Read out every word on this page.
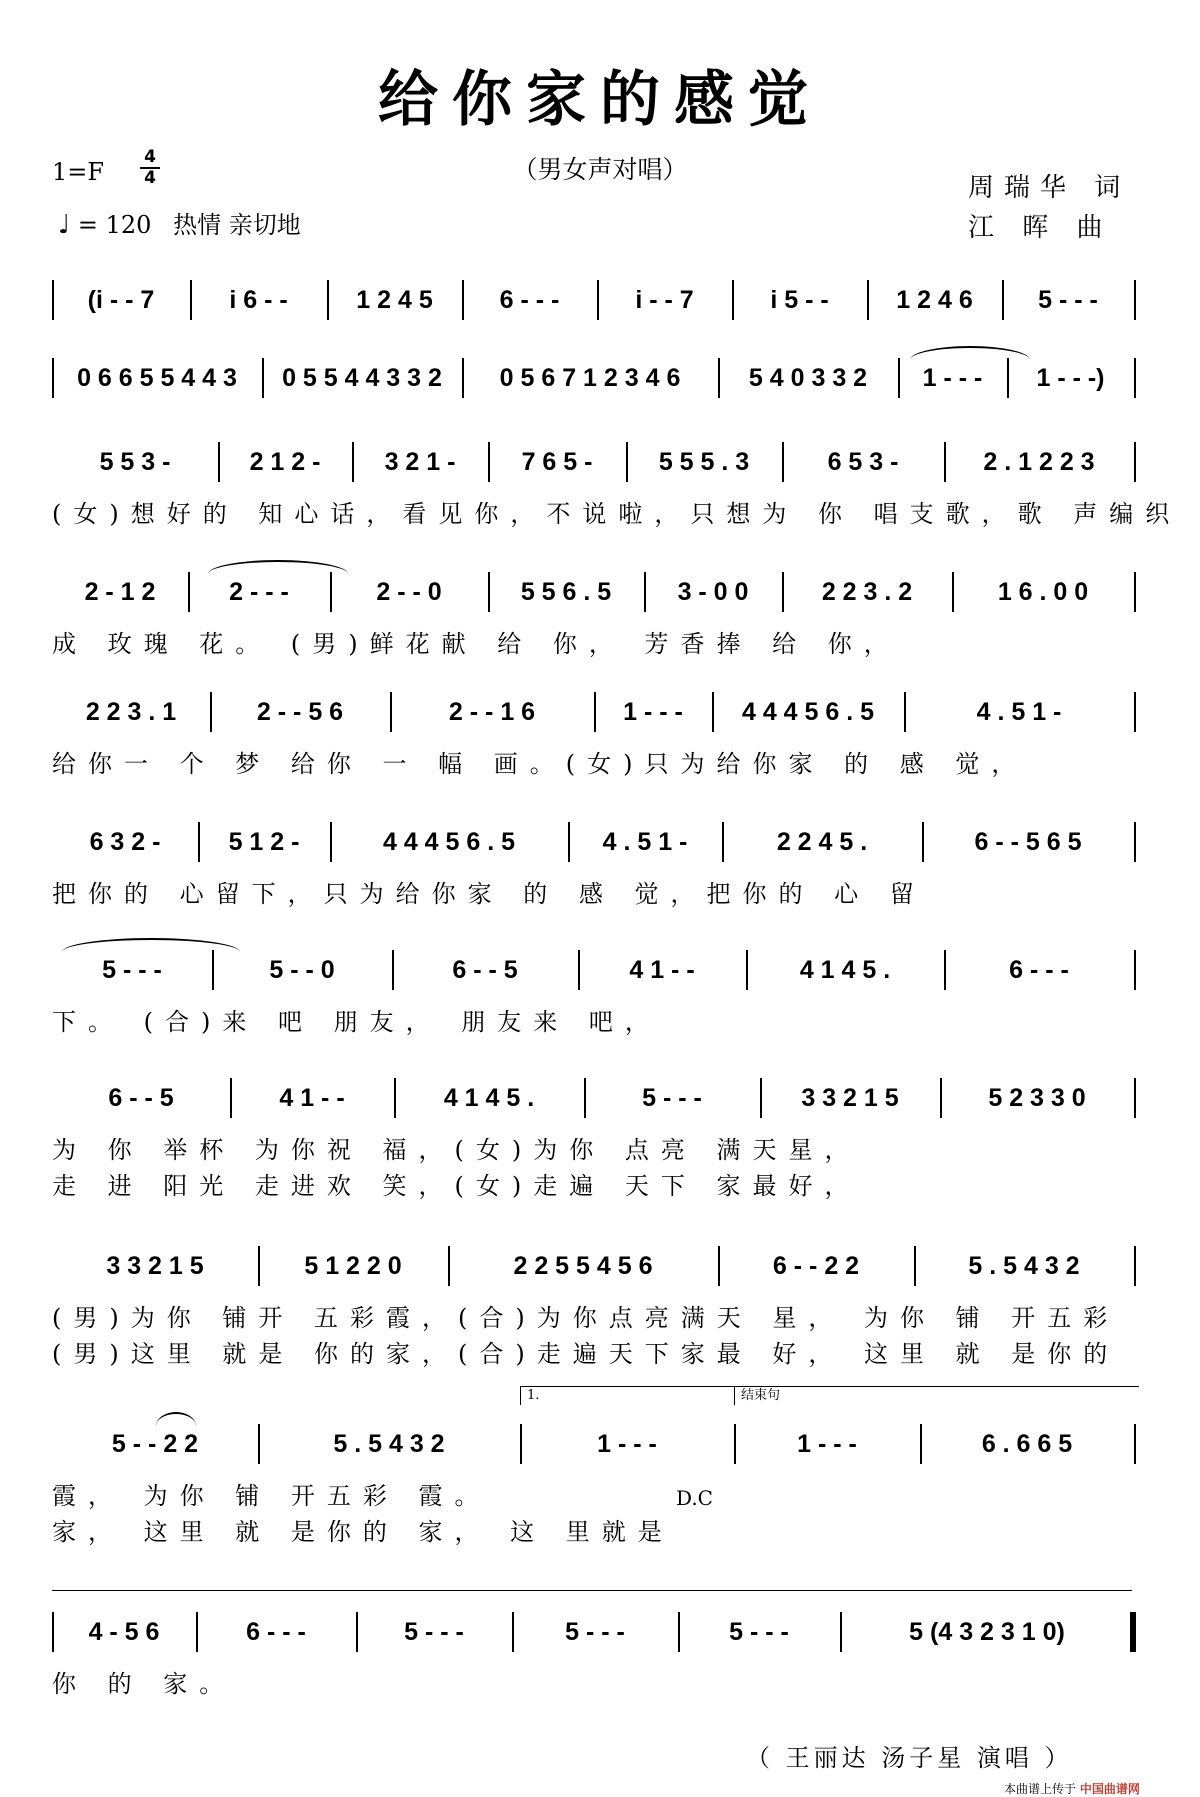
给你家的感觉
（男女声对唱）
1=F
4
4
♩ = 120 热情 亲切地
周瑞华 词
江 晖 曲
(i - - 7	i 6 - -	1 2 4 5	6 - - -	i - - 7	i 5 - -	1 2 4 6	5 - - -
0 6 6 5 5 4 4 3	0 5 5 4 4 3 3 2	0 5 6 7 1 2 3 4 6	5 4 0 3 3 2	1 - - -	1 - - -)
5 5 3 -	2 1 2 -	3 2 1 -	7 6 5 -	5 5 5 . 3	6 5 3 -	2 . 1 2 2 3
(女)想好的 知心话，看见你，不说啦，只想为 你 唱支歌，歌 声编织
2 - 1 2	2 - - -	2 - - 0	5 5 6 . 5	3 - 0 0	2 2 3 . 2	1 6 . 0 0
成 玫瑰 花。 (男)鲜花献 给 你， 芳香捧 给 你，
2 2 3 . 1	2 - - 5 6	2 - - 1 6	1 - - -	4 4 4 5 6 . 5	4 . 5 1 -
给你一 个 梦 给你 一 幅 画。(女)只为给你家 的 感 觉，
6 3 2 -	5 1 2 -	4 4 4 5 6 . 5	4 . 5 1 -	2 2 4 5 .	6 - - 5 6 5
把你的 心留下，只为给你家 的 感 觉，把你的 心 留
5 - - -	5 - - 0	6 - - 5	4 1 - -	4 1 4 5 .	6 - - -
下。 (合)来 吧 朋友， 朋友来 吧，
6 - - 5	4 1 - -	4 1 4 5 .	5 - - -	3 3 2 1 5	5 2 3 3 0
为 你 举杯 为你祝 福，(女)为你 点亮 满天星，
走 进 阳光 走进欢 笑，(女)走遍 天下 家最好，
3 3 2 1 5	5 1 2 2 0	2 2 5 5 4 5 6	6 - - 2 2	5 . 5 4 3 2
(男)为你 铺开 五彩霞，(合)为你点亮满天 星， 为你 铺 开五彩
(男)这里 就是 你的家，(合)走遍天下家最 好， 这里 就 是你的
5 - - 2 2	5 . 5 4 3 2	1 - - -	1 - - -	6 . 6 6 5
霞， 为你 铺 开五彩 霞。
家， 这里 就 是你的 家， 这 里就是
1.	结束句
D.C
4 - 5 6	6 - - -	5 - - -	5 - - -	5 - - -	5 (4 3 2 3 1 0)
你 的 家。
（ 王丽达 汤子星 演唱 ）
本曲谱上传于 中国曲谱网
